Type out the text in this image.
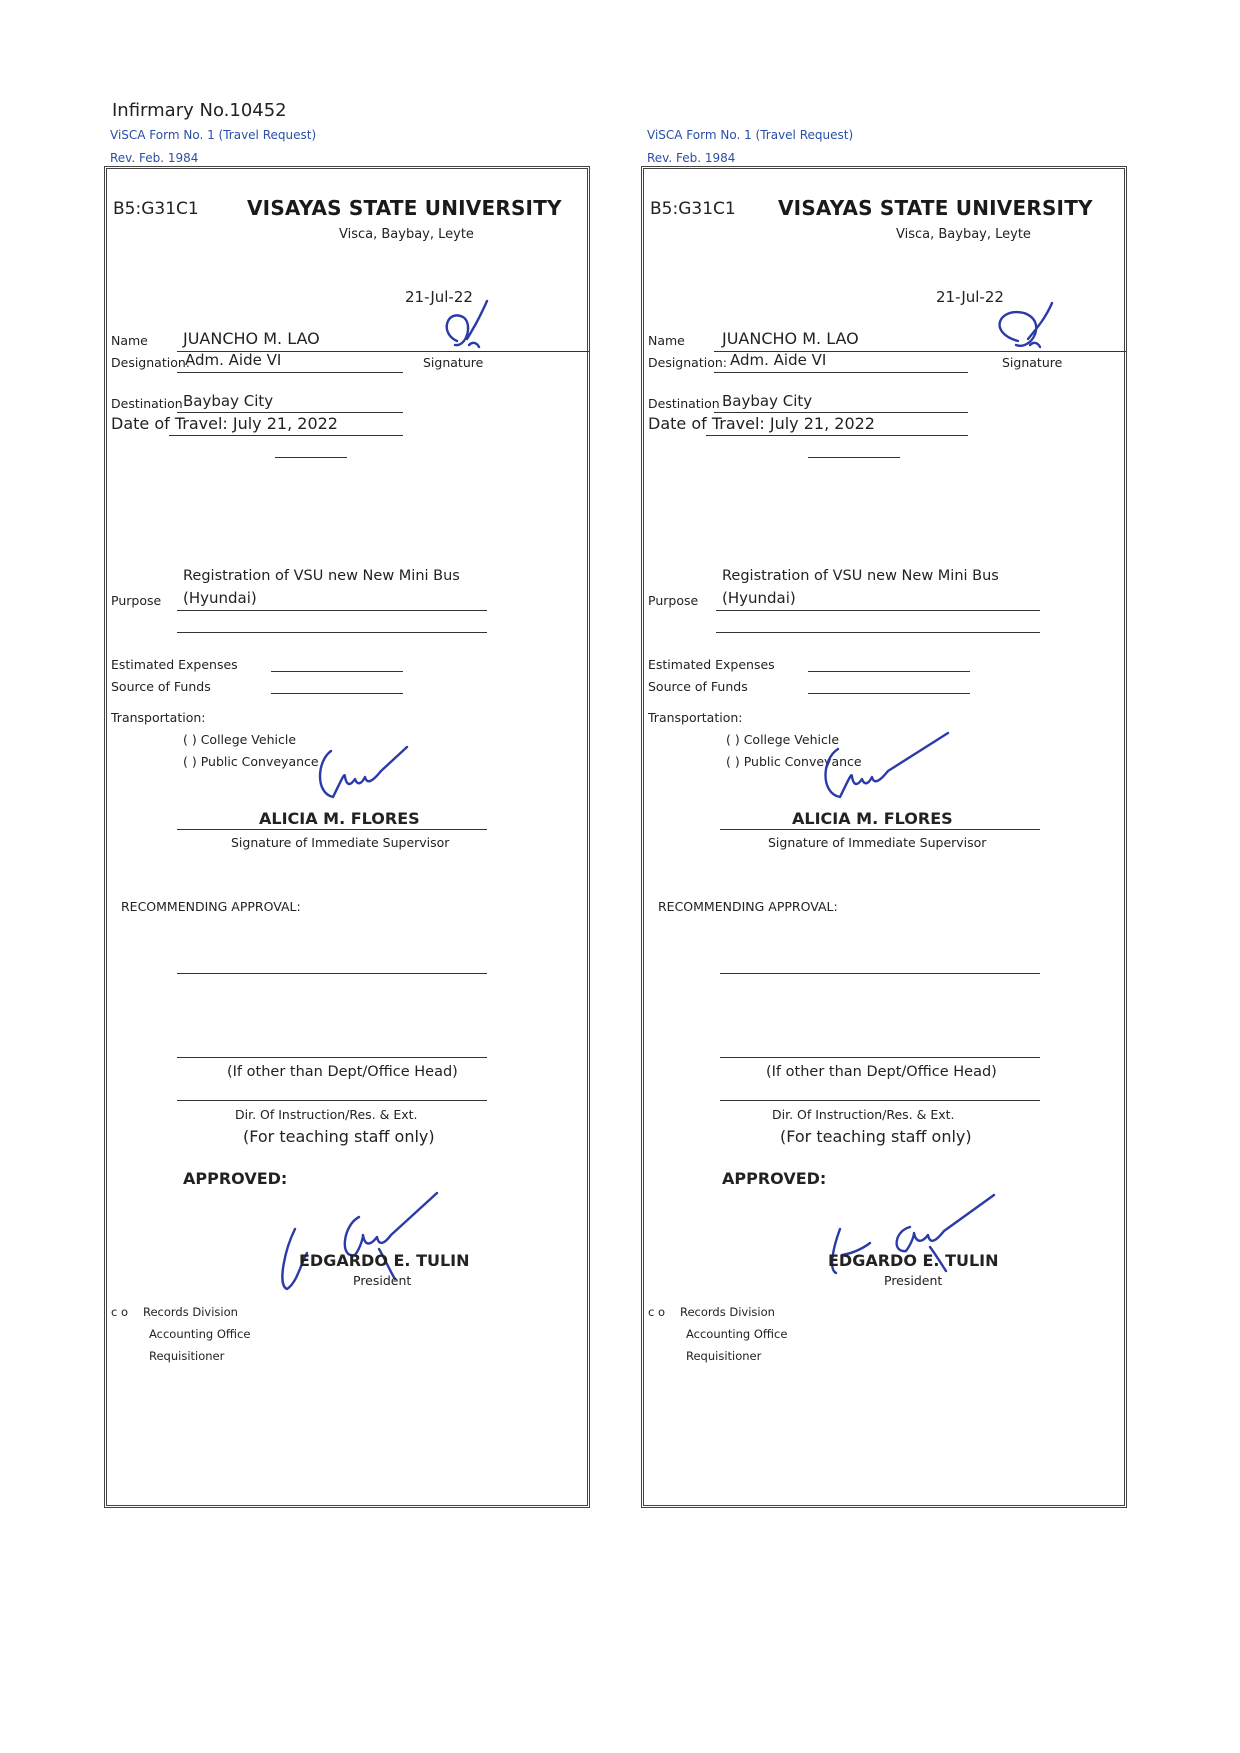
Infirmary No.10452
ViSCA Form No. 1 (Travel Request)
Rev. Feb. 1984
B5:G31C1 VISAYAS STATE UNIVERSITY
Visca, Baybay, Leyte
21-Jul-22
Name JUANCHO M. LAO
Designation:
Adm. Aide VI	Signature
Destination Baybay City
Date of Travel: July 21, 2022
Registration of VSU new New Mini Bus
Purpose (Hyundai)
Estimated Expenses
Source of Funds
Transportation:
( ) College Vehicle
( ) Public Conveyance
ALICIA M. FLORES
Signature of Immediate Supervisor
RECOMMENDING APPROVAL:
(If other than Dept/Office Head)
Dir. Of Instruction/Res. & Ext.
(For teaching staff only)
APPROVED:
EDGARDO E. TULIN
President
c o Records Division
Accounting Office
Requisitioner
ViSCA Form No. 1 (Travel Request)
Rev. Feb. 1984
B5:G31C1 VISAYAS STATE UNIVERSITY
Visca, Baybay, Leyte
21-Jul-22
Name JUANCHO M. LAO
Designation: Adm. Aide VI	Signature
Destination Baybay City
Date of Travel: July 21, 2022
Registration of VSU new New Mini Bus
Purpose (Hyundai)
Estimated Expenses
Source of Funds
Transportation:
( ) College Vehicle
( ) Public Conveyance
ALICIA M. FLORES
Signature of Immediate Supervisor
RECOMMENDING APPROVAL:
(If other than Dept/Office Head)
Dir. Of Instruction/Res. & Ext.
(For teaching staff only)
APPROVED:
EDGARDO E. TULIN
President
c o Records Division
Accounting Office
Requisitioner
